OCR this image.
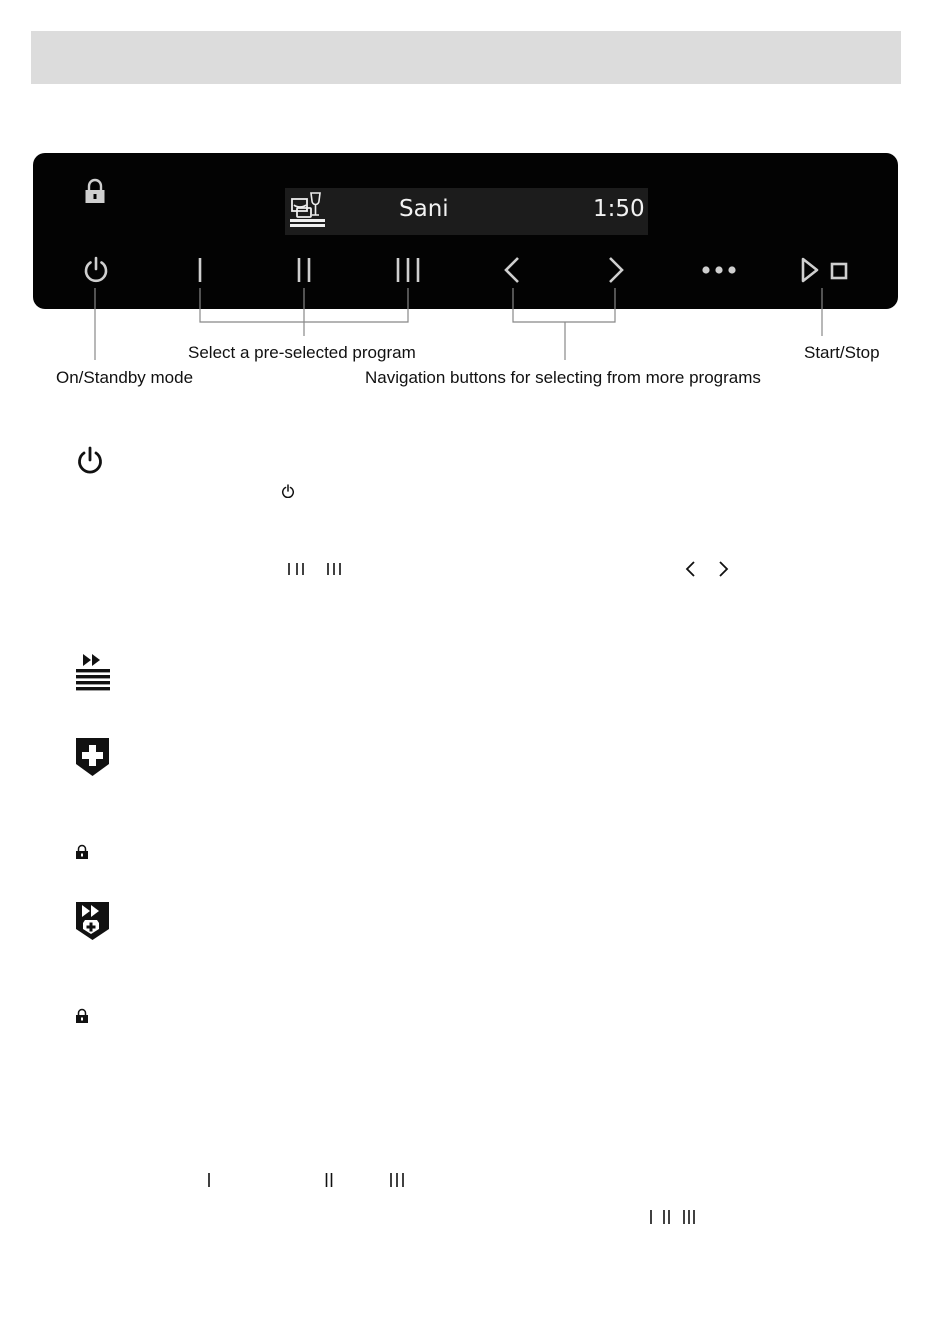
Sani	1:50
Select a pre-selected program	Start/Stop
On/Standby mode	Navigation buttons for selecting from more programs
